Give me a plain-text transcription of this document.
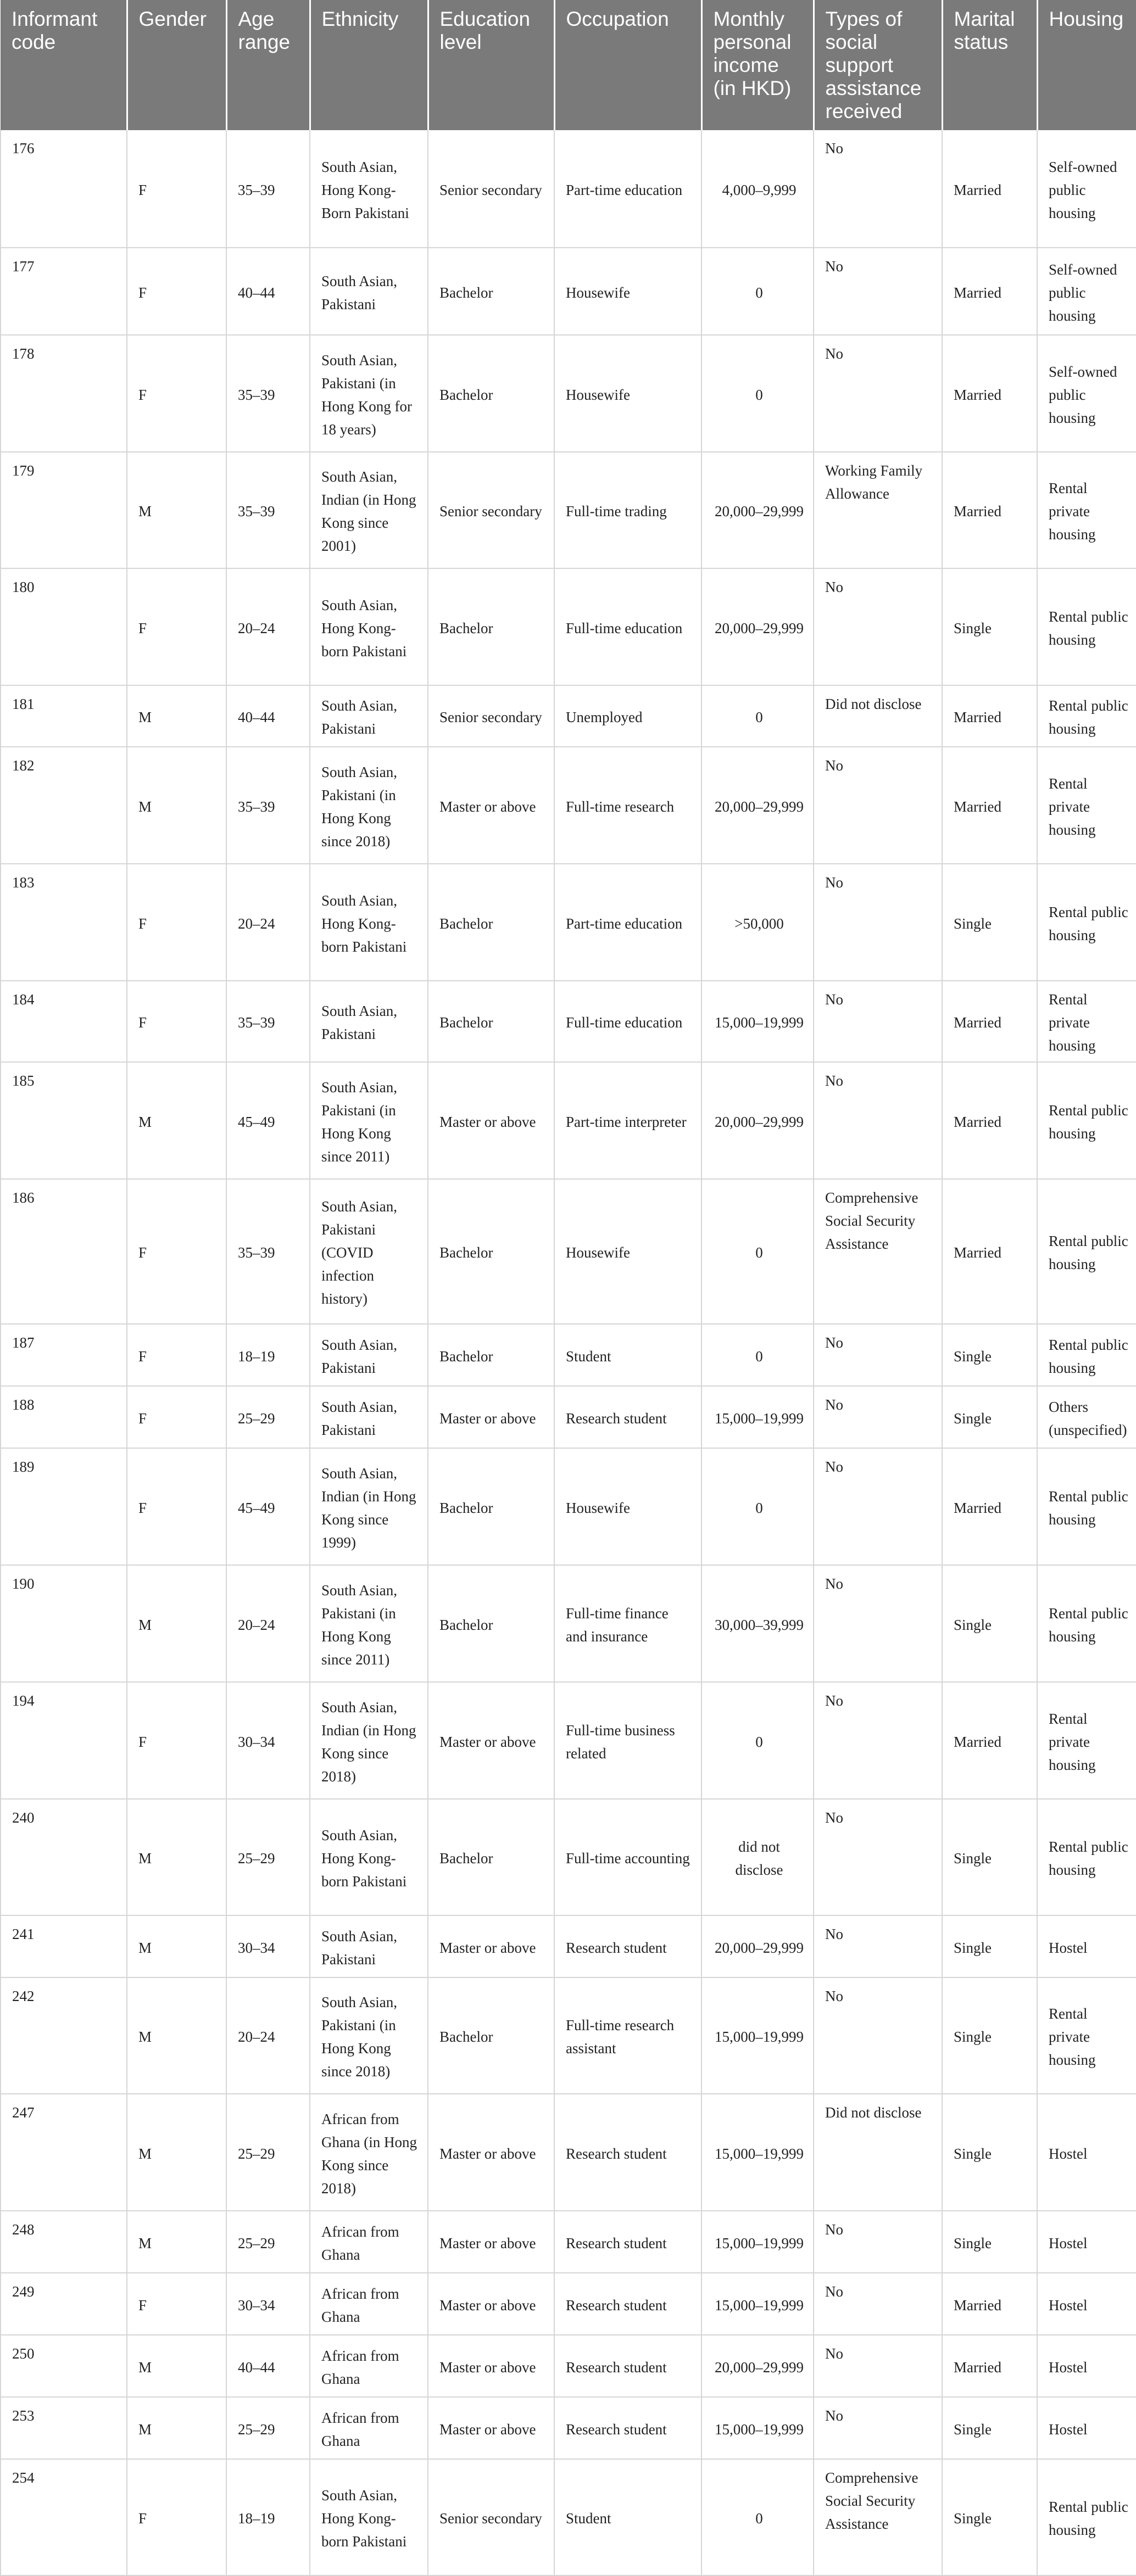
Informant code	Gender	Age range	Ethnicity	Education level	Occupation	Monthly personal income (in HKD)	Types of social support assistance received	Marital status	Housing
176	F	35–39	South Asian, Hong Kong-Born Pakistani	Senior secondary	Part-time education	4,000–9,999	No	Married	Self-owned public housing
177	F	40–44	South Asian, Pakistani	Bachelor	Housewife	0	No	Married	Self-owned public housing
178	F	35–39	South Asian, Pakistani (in Hong Kong for 18 years)	Bachelor	Housewife	0	No	Married	Self-owned public housing
179	M	35–39	South Asian, Indian (in Hong Kong since 2001)	Senior secondary	Full-time trading	20,000–29,999	Working Family Allowance	Married	Rental private housing
180	F	20–24	South Asian, Hong Kong-born Pakistani	Bachelor	Full-time education	20,000–29,999	No	Single	Rental public housing
181	M	40–44	South Asian, Pakistani	Senior secondary	Unemployed	0	Did not disclose	Married	Rental public housing
182	M	35–39	South Asian, Pakistani (in Hong Kong since 2018)	Master or above	Full-time research	20,000–29,999	No	Married	Rental private housing
183	F	20–24	South Asian, Hong Kong-born Pakistani	Bachelor	Part-time education	>50,000	No	Single	Rental public housing
184	F	35–39	South Asian, Pakistani	Bachelor	Full-time education	15,000–19,999	No	Married	Rental private housing
185	M	45–49	South Asian, Pakistani (in Hong Kong since 2011)	Master or above	Part-time interpreter	20,000–29,999	No	Married	Rental public housing
186	F	35–39	South Asian, Pakistani (COVID infection history)	Bachelor	Housewife	0	Comprehensive Social Security Assistance	Married	Rental public housing
187	F	18–19	South Asian, Pakistani	Bachelor	Student	0	No	Single	Rental public housing
188	F	25–29	South Asian, Pakistani	Master or above	Research student	15,000–19,999	No	Single	Others (unspecified)
189	F	45–49	South Asian, Indian (in Hong Kong since 1999)	Bachelor	Housewife	0	No	Married	Rental public housing
190	M	20–24	South Asian, Pakistani (in Hong Kong since 2011)	Bachelor	Full-time finance and insurance	30,000–39,999	No	Single	Rental public housing
194	F	30–34	South Asian, Indian (in Hong Kong since 2018)	Master or above	Full-time business related	0	No	Married	Rental private housing
240	M	25–29	South Asian, Hong Kong-born Pakistani	Bachelor	Full-time accounting	did not disclose	No	Single	Rental public housing
241	M	30–34	South Asian, Pakistani	Master or above	Research student	20,000–29,999	No	Single	Hostel
242	M	20–24	South Asian, Pakistani (in Hong Kong since 2018)	Bachelor	Full-time research assistant	15,000–19,999	No	Single	Rental private housing
247	M	25–29	African from Ghana (in Hong Kong since 2018)	Master or above	Research student	15,000–19,999	Did not disclose	Single	Hostel
248	M	25–29	African from Ghana	Master or above	Research student	15,000–19,999	No	Single	Hostel
249	F	30–34	African from Ghana	Master or above	Research student	15,000–19,999	No	Married	Hostel
250	M	40–44	African from Ghana	Master or above	Research student	20,000–29,999	No	Married	Hostel
253	M	25–29	African from Ghana	Master or above	Research student	15,000–19,999	No	Single	Hostel
254	F	18–19	South Asian, Hong Kong-born Pakistani	Senior secondary	Student	0	Comprehensive Social Security Assistance	Single	Rental public housing
